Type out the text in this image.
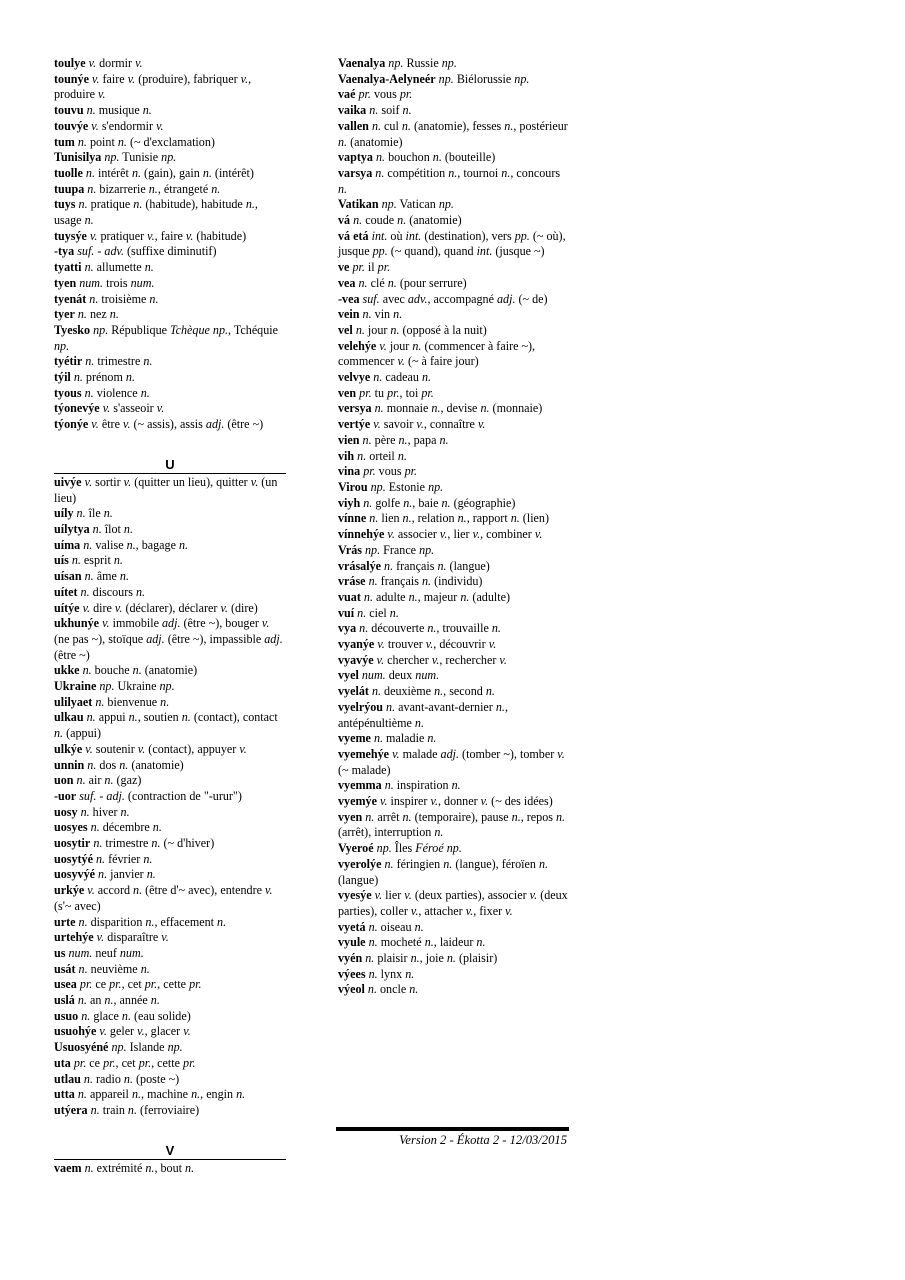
toulye v. dormir v.

tounýe v. faire v. (produire), fabriquer v., produire v.

touvu n. musique n.

touvýe v. s'endormir v.

tum n. point n. (~ d'exclamation)

Tunisilya np. Tunisie np.

tuolle n. intérêt n. (gain), gain n. (intérêt)

tuupa n. bizarrerie n., étrangeté n.

tuys n. pratique n. (habitude), habitude n., usage n.

tuysýe v. pratiquer v., faire v. (habitude)

-tya suf. - adv. (suffixe diminutif)

tyatti n. allumette n.

tyen num. trois num.

tyenát n. troisième n.

tyer n. nez n.

Tyesko np. République Tchèque np., Tchéquie np.

tyétir n. trimestre n.

týil n. prénom n.

tyous n. violence n.

týonevýe v. s'asseoir v.

týonýe v. être v. (~ assis), assis adj. (être ~)

U

uivýe v. sortir v. (quitter un lieu), quitter v. (un lieu)

uíly n. île n.

uílytya n. îlot n.

uíma n. valise n., bagage n.

uís n. esprit n.

uísan n. âme n.

uítet n. discours n.

uítýe v. dire v. (déclarer), déclarer v. (dire)

ukhunýe v. immobile adj. (être ~), bouger v. (ne pas ~), stoïque adj. (être ~), impassible adj. (être ~)

ukke n. bouche n. (anatomie)

Ukraine np. Ukraine np.

ulilyaet n. bienvenue n.

ulkau n. appui n., soutien n. (contact), contact n. (appui)

ulkýe v. soutenir v. (contact), appuyer v.

unnin n. dos n. (anatomie)

uon n. air n. (gaz)

-uor suf. - adj. (contraction de "-urur")

uosy n. hiver n.

uosyes n. décembre n.

uosytir n. trimestre n. (~ d'hiver)

uosytýé n. février n.

uosyvýé n. janvier n.

urkýe v. accord n. (être d'~ avec), entendre v. (s'~ avec)

urte n. disparition n., effacement n.

urtehýe v. disparaître v.

us num. neuf num.

usát n. neuvième n.

usea pr. ce pr., cet pr., cette pr.

uslá n. an n., année n.

usuo n. glace n. (eau solide)

usuohýe v. geler v., glacer v.

Usuosyéné np. Islande np.

uta pr. ce pr., cet pr., cette pr.

utlau n. radio n. (poste ~)

utta n. appareil n., machine n., engin n.

utýera n. train n. (ferroviaire)

V

vaem n. extrémité n., bout n.

Vaenalya np. Russie np.

Vaenalya-Aelyneér np. Biélorussie np.

vaé pr. vous pr.

vaika n. soif n.

vallen n. cul n. (anatomie), fesses n., postérieur n. (anatomie)

vaptya n. bouchon n. (bouteille)

varsya n. compétition n., tournoi n., concours n.

Vatikan np. Vatican np.

vá n. coude n. (anatomie)

vá etá int. où int. (destination), vers pp. (~ où), jusque pp. (~ quand), quand int. (jusque ~)

ve pr. il pr.

vea n. clé n. (pour serrure)

-vea suf. avec adv., accompagné adj. (~ de)

vein n. vin n.

vel n. jour n. (opposé à la nuit)

velehýe v. jour n. (commencer à faire ~), commencer v. (~ à faire jour)

velvye n. cadeau n.

ven pr. tu pr., toi pr.

versya n. monnaie n., devise n. (monnaie)

vertýe v. savoir v., connaître v.

vien n. père n., papa n.

vih n. orteil n.

vina pr. vous pr.

Virou np. Estonie np.

viyh n. golfe n., baie n. (géographie)

vínne n. lien n., relation n., rapport n. (lien)

vínnehýe v. associer v., lier v., combiner v.

Vrás np. France np.

vrásalýe n. français n. (langue)

vráse n. français n. (individu)

vuat n. adulte n., majeur n. (adulte)

vuí n. ciel n.

vya n. découverte n., trouvaille n.

vyanýe v. trouver v., découvrir v.

vyavýe v. chercher v., rechercher v.

vyel num. deux num.

vyelát n. deuxième n., second n.

vyelrýou n. avant-avant-dernier n., antépénultième n.

vyeme n. maladie n.

vyemehýe v. malade adj. (tomber ~), tomber v. (~ malade)

vyemma n. inspiration n.

vyemýe v. inspirer v., donner v. (~ des idées)

vyen n. arrêt n. (temporaire), pause n., repos n. (arrêt), interruption n.

Vyeroé np. Îles Féroé np.

vyerolýe n. féringien n. (langue), féroïen n. (langue)

vyesýe v. lier v. (deux parties), associer v. (deux parties), coller v., attacher v., fixer v.

vyetá n. oiseau n.

vyule n. mocheté n., laideur n.

vyén n. plaisir n., joie n. (plaisir)

výees n. lynx n.

výeol n. oncle n.

Version 2 - Ékotta 2 - 12/03/2015
